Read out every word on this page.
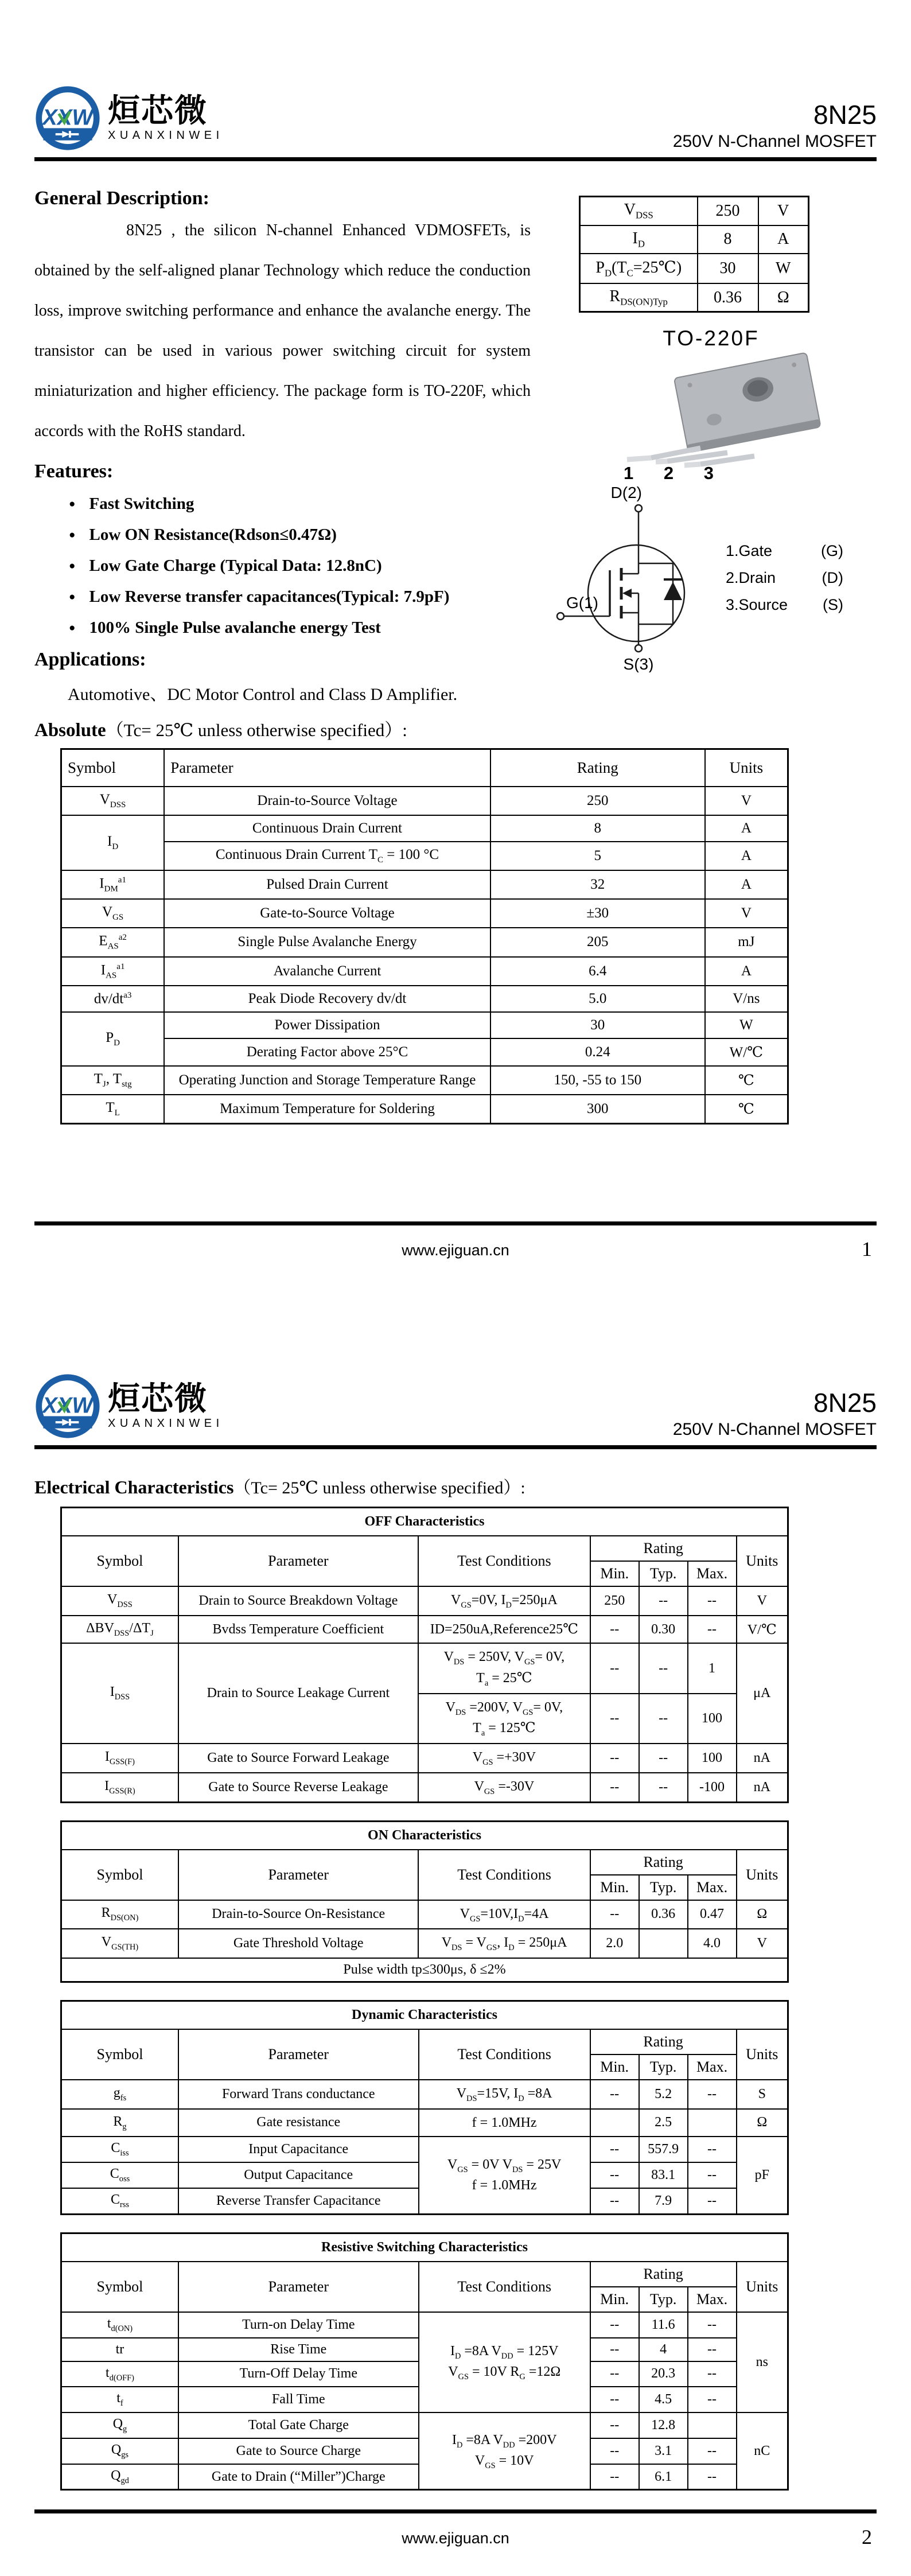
XXW 烜芯微
XUANXINWEI
8N25
250V N-Channel MOSFET
General Description:

8N25 , the silicon N-channel Enhanced VDMOSFETs, is obtained by the self-aligned planar Technology which reduce the conduction loss, improve switching performance and enhance the avalanche energy. The transistor can be used in various power switching circuit for system miniaturization and higher efficiency. The package form is TO-220F, which accords with the RoHS standard.

Features:
● Fast Switching
● Low ON Resistance(Rdson≤0.47Ω)
● Low Gate Charge (Typical Data: 12.8nC)
● Low Reverse transfer capacitances(Typical: 7.9pF)
● 100% Single Pulse avalanche energy Test
Applications:
Automotive、DC Motor Control and Class D Amplifier.
$V_{DSS}$	250	V
$I_D$	8	A
$P_D(T_C=25℃)$	30	W
$R_{DS(ON)Typ}$	0.36	Ω
TO-220F
1 2 3
D(2)
G(1)
S(3)
1.Gate	(G)
2.Drain	(D)
3.Source (S)
Absolute（Tc= 25℃ unless otherwise specified）:
Symbol	Parameter	Rating	Units
$V_{DSS}$	Drain-to-Source Voltage	250	V
$I_D$	Continuous Drain Current	8	A
	Continuous Drain Current $T_C = 100$ °C	5	A
$I_{DM}^{a1}$	Pulsed Drain Current	32	A
$V_{GS}$	Gate-to-Source Voltage	±30	V
$E_{AS}^{a2}$	Single Pulse Avalanche Energy	205	mJ
$I_{AS}^{a1}$	Avalanche Current	6.4	A
$dv/dt^{a3}$	Peak Diode Recovery dv/dt	5.0	V/ns
$P_D$	Power Dissipation	30	W
	Derating Factor above 25°C	0.24	W/℃
$T_J$, $T_{stg}$	Operating Junction and Storage Temperature Range	150, -55 to 150	℃
$T_L$	Maximum Temperature for Soldering	300	℃
www.ejiguan.cn	1
XXW 烜芯微
XUANXINWEI
8N25
250V N-Channel MOSFET
Electrical Characteristics（Tc= 25℃ unless otherwise specified）:
OFF Characteristics						
Symbol	Parameter	Test Conditions	Rating			Units
			Min.	Typ.	Max.	
$V_{DSS}$	Drain to Source Breakdown Voltage	$V_{GS}=0V$, $I_D=250\mu A$	250	--	--	V
$\Delta BV_{DSS}/\Delta T_J$	Bvdss Temperature Coefficient	ID=250uA,Reference25℃	--	0.30	--	V/℃
$I_{DSS}$	Drain to Source Leakage Current	$V_{DS} = 250V$, $V_{GS}= 0V$,
$T_a$ = 25℃	--	--	1	μA
		$V_{DS} =200V$, $V_{GS}= 0V$,
$T_a$ = 125℃	--	--	100	
$I_{GSS(F)}$	Gate to Source Forward Leakage	$V_{GS} =+30V$	--	--	100	nA
$I_{GSS(R)}$	Gate to Source Reverse Leakage	$V_{GS} =-30V$	--	--	-100	nA
ON Characteristics						
Symbol	Parameter	Test Conditions	Rating			Units
			Min.	Typ.	Max.	
$R_{DS(ON)}$	Drain-to-Source On-Resistance	$V_{GS}=10V,I_D=4A$	--	0.36	0.47	Ω
$V_{GS(TH)}$	Gate Threshold Voltage	$V_{DS} = V_{GS}$, $I_D = 250\mu A$	2.0		4.0	V
Pulse width tp≤300μs, δ ≤2%						
Dynamic Characteristics						
Symbol	Parameter	Test Conditions	Rating			Units
			Min.	Typ.	Max.	
$g_{fs}$	Forward Trans conductance	$V_{DS}=15V$, $I_D =8A$	--	5.2	--	S
$R_g$	Gate resistance	f = 1.0MHz		2.5		Ω
$C_{iss}$	Input Capacitance	$V_{GS} = 0V$ $V_{DS} = 25V$
f = 1.0MHz	--	557.9	--	pF
$C_{oss}$	Output Capacitance		--	83.1	--	
$C_{rss}$	Reverse Transfer Capacitance		--	7.9	--	
Resistive Switching Characteristics						
Symbol	Parameter	Test Conditions	Rating			Units
			Min.	Typ.	Max.	
$t_{d(ON)}$	Turn-on Delay Time	$I_D =8A$ $V_{DD} = 125V$
$V_{GS} = 10V$ $R_G =12\Omega$	--	11.6	--	ns
tr	Rise Time		--	4	--	
$t_{d(OFF)}$	Turn-Off Delay Time		--	20.3	--	
$t_f$	Fall Time		--	4.5	--	
$Q_g$	Total Gate Charge	$I_D =8A$ $V_{DD} =200V$
$V_{GS} = 10V$	--	12.8		nC
$Q_{gs}$	Gate to Source Charge		--	3.1	--	
$Q_{gd}$	Gate to Drain (“Miller”)Charge		--	6.1	--	
www.ejiguan.cn	2
